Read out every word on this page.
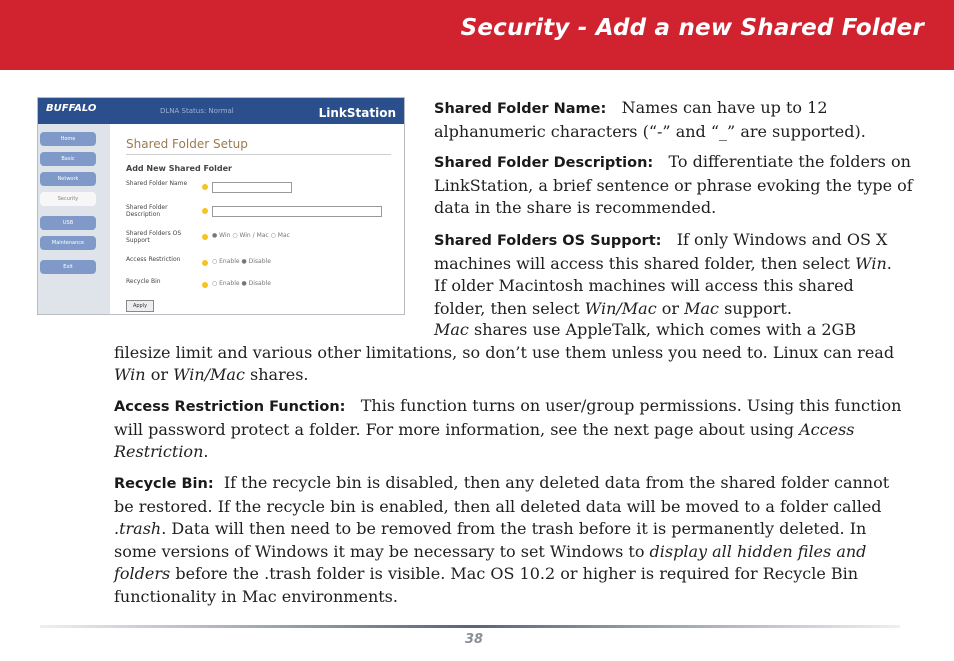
Security - Add a new Shared Folder
BUFFALO	DLNA Status: Normal	LinkStation
Home
Basic
Network
Security
USB
Maintenance
Exit
Shared Folder Setup
Add New Shared Folder
Shared Folder Name
Shared Folder Description
Shared Folders OS Support
● Win ○ Win / Mac ○ Mac
Access Restriction	○ Enable ● Disable
Recycle Bin	○ Enable ● Disable
Apply

Shared Folder Name: Names can have up to 12 alphanumeric characters (“-” and “_” are supported).

Shared Folder Description: To differentiate the folders on LinkStation, a brief sentence or phrase evoking the type of data in the share is recommended.

Shared Folders OS Support: If only Windows and OS X machines will access this shared folder, then select Win. If older Macintosh machines will access this shared folder, then select Win/Mac or Mac support.

Mac shares use AppleTalk, which comes with a 2GB filesize limit and various other limitations, so don’t use them unless you need to. Linux can read Win or Win/Mac shares.

Access Restriction Function: This function turns on user/group permissions. Using this function will password protect a folder. For more information, see the next page about using Access Restriction.

Recycle Bin: If the recycle bin is disabled, then any deleted data from the shared folder cannot be restored. If the recycle bin is enabled, then all deleted data will be moved to a folder called .trash. Data will then need to be removed from the trash before it is permanently deleted. In some versions of Windows it may be necessary to set Windows to display all hidden files and folders before the .trash folder is visible. Mac OS 10.2 or higher is required for Recycle Bin functionality in Mac environments.

38
